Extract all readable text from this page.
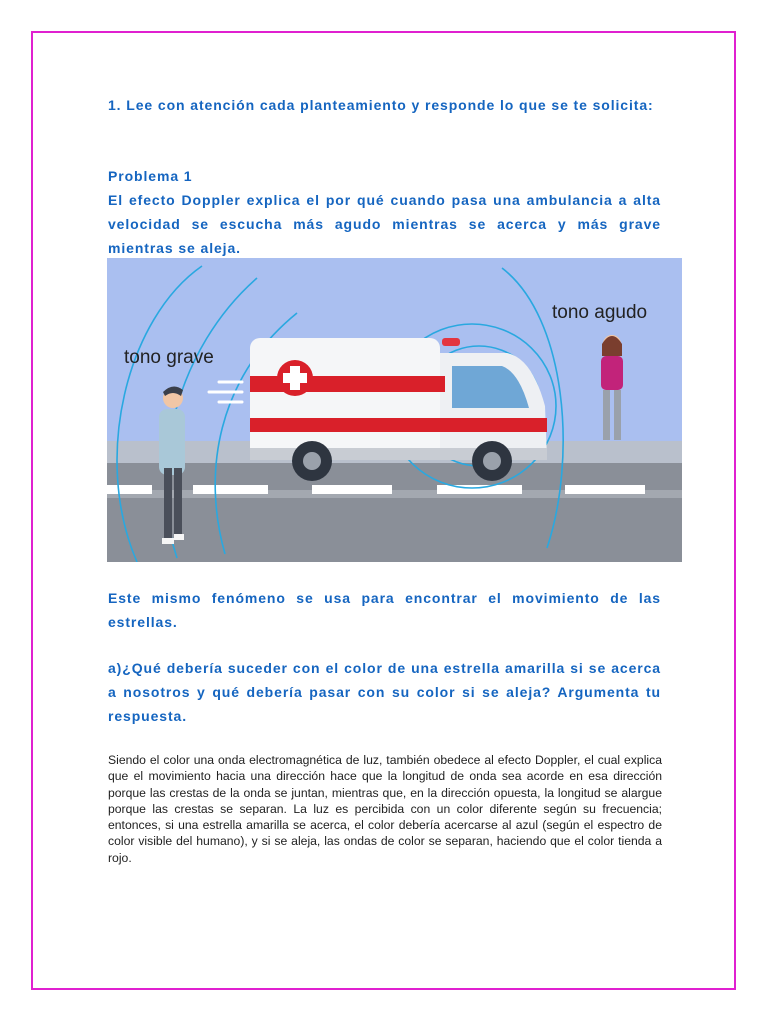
1. Lee con atención cada planteamiento y responde lo que se te solicita:

Problema 1
El efecto Doppler explica el por qué cuando pasa una ambulancia a alta velocidad se escucha más agudo mientras se acerca y más grave mientras se aleja.
tono grave
tono agudo

Este mismo fenómeno se usa para encontrar el movimiento de las estrellas.

a)¿Qué debería suceder con el color de una estrella amarilla si se acerca a nosotros y qué debería pasar con su color si se aleja? Argumenta tu respuesta.

Siendo el color una onda electromagnética de luz, también obedece al efecto Doppler, el cual explica que el movimiento hacia una dirección hace que la longitud de onda sea acorde en esa dirección porque las crestas de la onda se juntan, mientras que, en la dirección opuesta, la longitud se alargue porque las crestas se separan. La luz es percibida con un color diferente según su frecuencia; entonces, si una estrella amarilla se acerca, el color debería acercarse al azul (según el espectro de color visible del humano), y si se aleja, las ondas de color se separan, haciendo que el color tienda a rojo.
